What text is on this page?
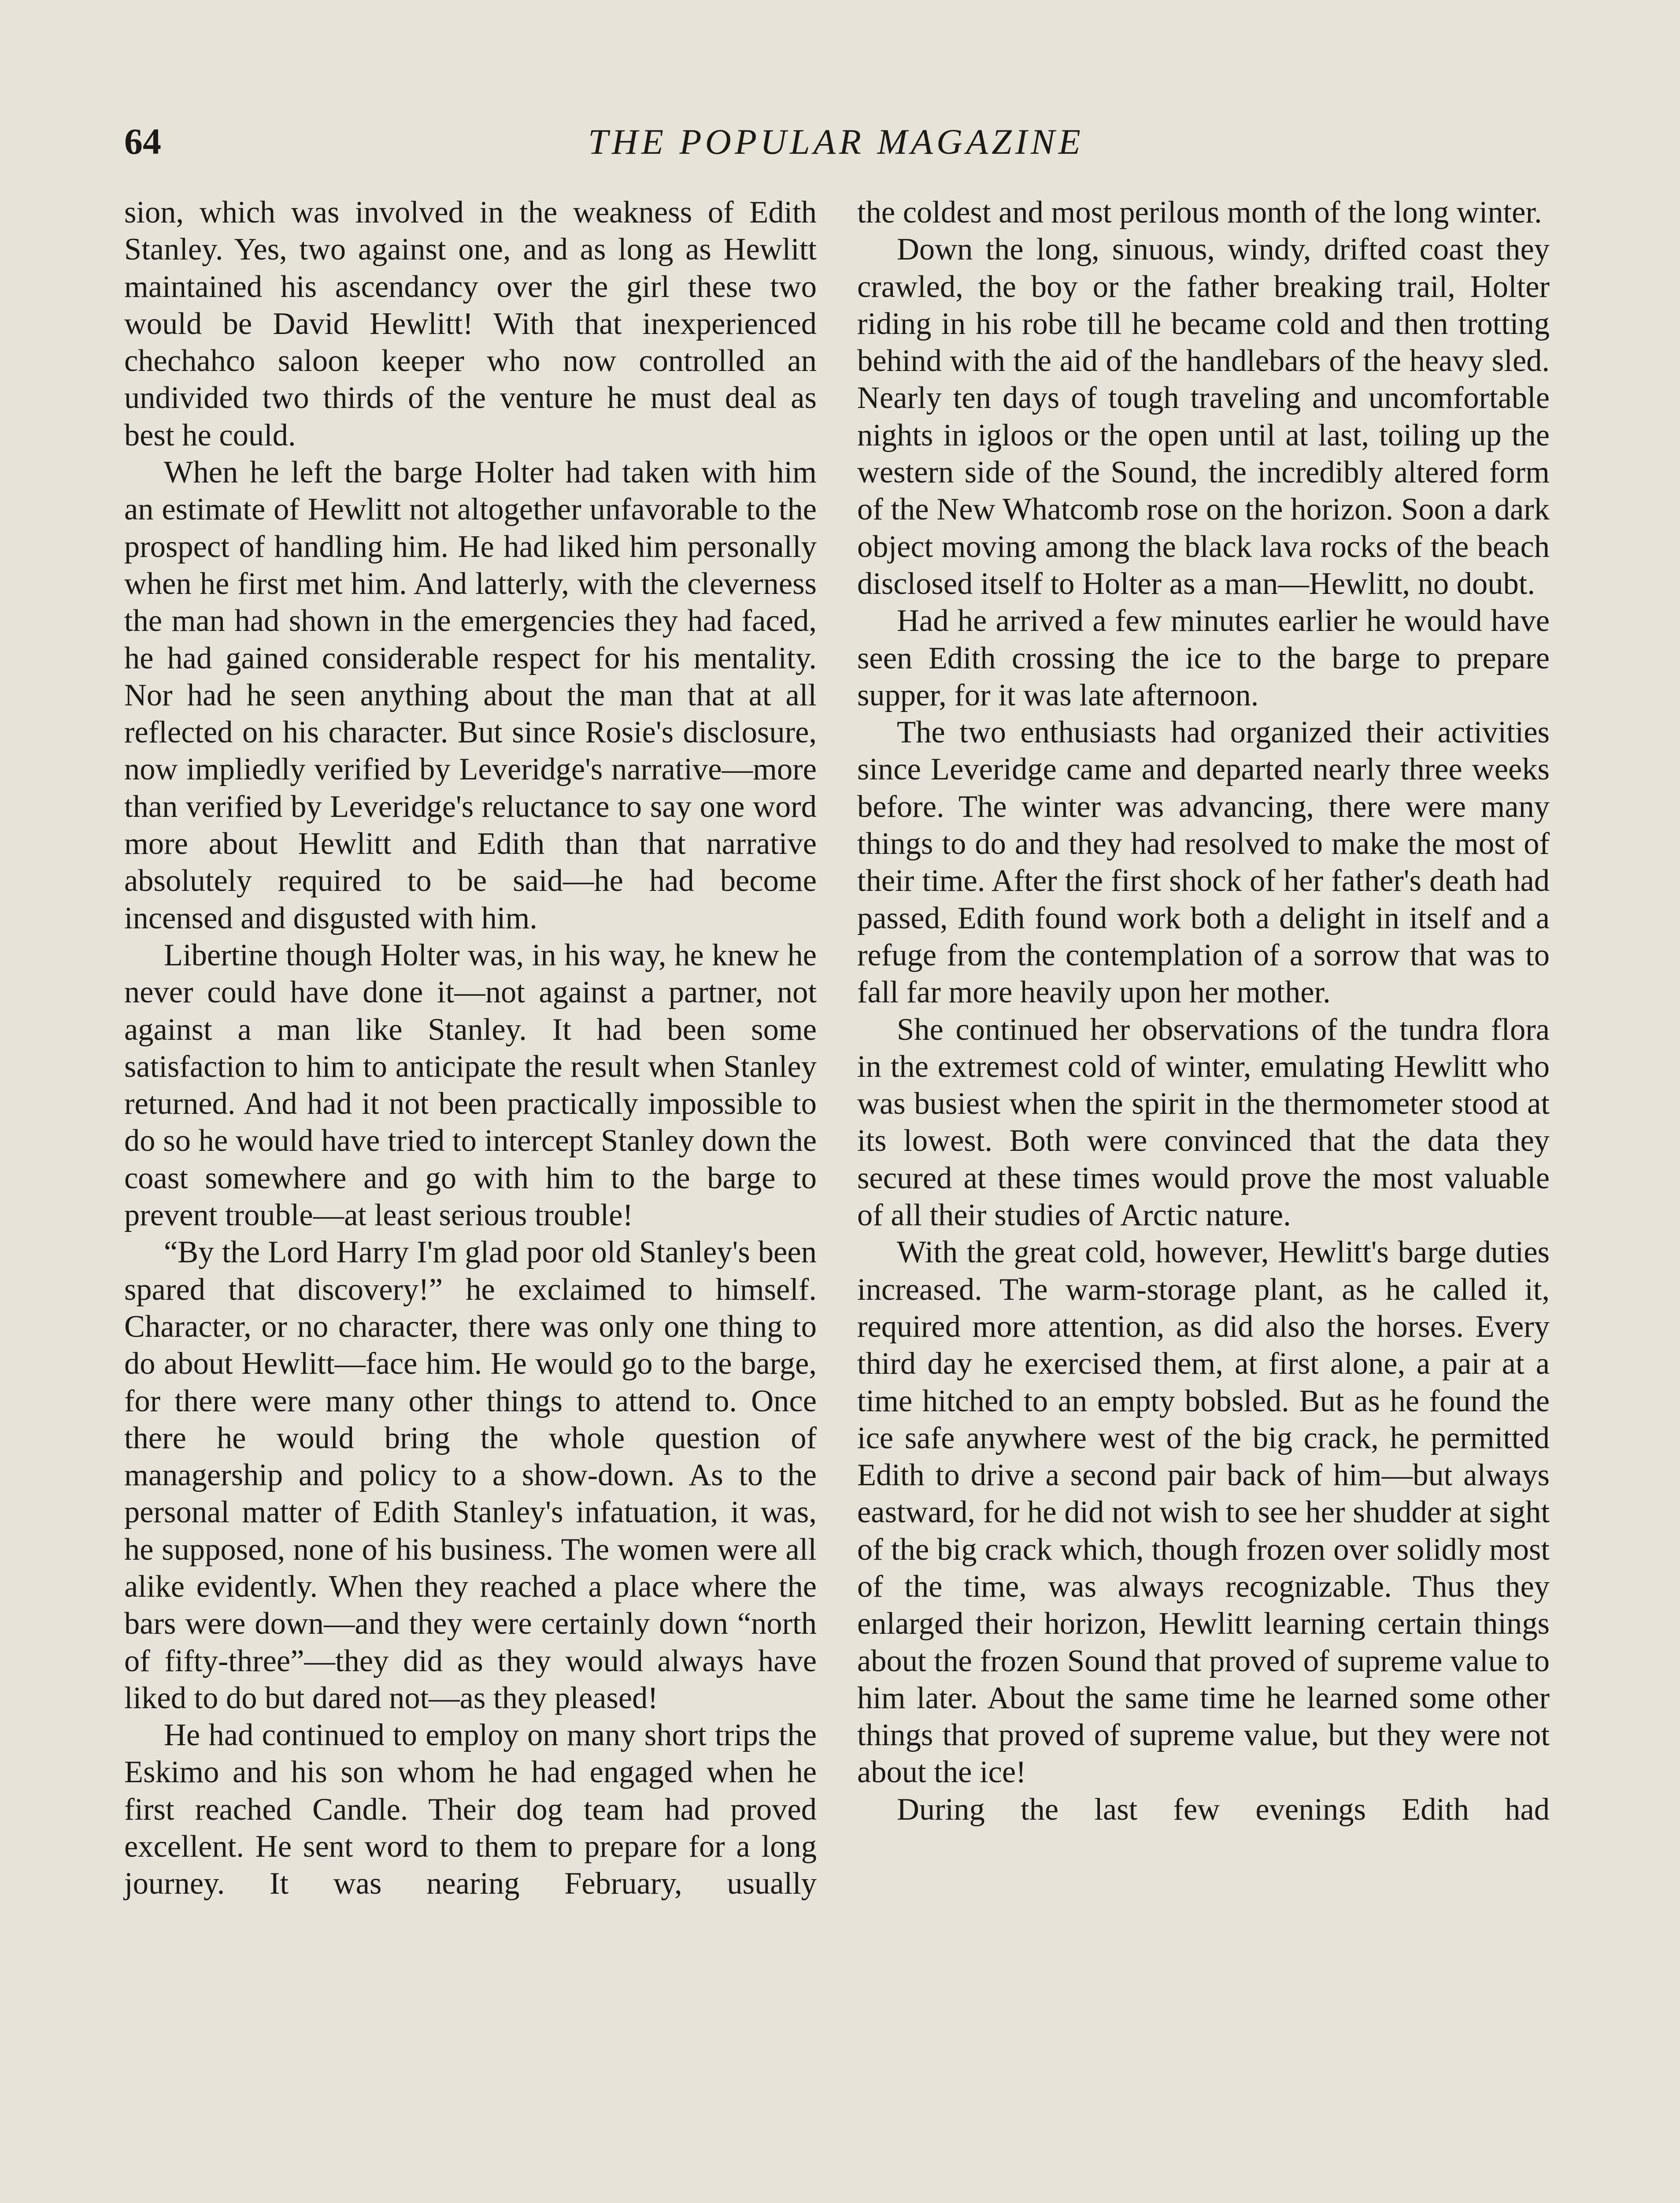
64	THE POPULAR MAGAZINE

sion, which was involved in the weakness of Edith Stanley. Yes, two against one, and as long as Hewlitt maintained his ascendancy over the girl these two would be David Hewlitt! With that inexperienced chechahco saloon keeper who now controlled an undivided two thirds of the venture he must deal as best he could.

When he left the barge Holter had taken with him an estimate of Hewlitt not altogether unfavorable to the prospect of handling him. He had liked him personally when he first met him. And latterly, with the cleverness the man had shown in the emergencies they had faced, he had gained considerable respect for his mentality. Nor had he seen anything about the man that at all reflected on his character. But since Rosie's disclosure, now impliedly verified by Leveridge's narrative—more than verified by Leveridge's reluctance to say one word more about Hewlitt and Edith than that narrative absolutely required to be said—he had become incensed and disgusted with him.

Libertine though Holter was, in his way, he knew he never could have done it—not against a partner, not against a man like Stanley. It had been some satisfaction to him to anticipate the result when Stanley returned. And had it not been practically impossible to do so he would have tried to intercept Stanley down the coast somewhere and go with him to the barge to prevent trouble—at least serious trouble!

“By the Lord Harry I'm glad poor old Stanley's been spared that discovery!” he exclaimed to himself. Character, or no character, there was only one thing to do about Hewlitt—face him. He would go to the barge, for there were many other things to attend to. Once there he would bring the whole question of managership and policy to a show-down. As to the personal matter of Edith Stanley's infatuation, it was, he supposed, none of his business. The women were all alike evidently. When they reached a place where the bars were down—and they were certainly down “north of fifty-three”—they did as they would always have liked to do but dared not—as they pleased!

He had continued to employ on many short trips the Eskimo and his son whom he had engaged when he first reached Candle. Their dog team had proved excellent. He sent word to them to prepare for a long journey. It was nearing February, usually

the coldest and most perilous month of the long winter.

Down the long, sinuous, windy, drifted coast they crawled, the boy or the father breaking trail, Holter riding in his robe till he became cold and then trotting behind with the aid of the handlebars of the heavy sled. Nearly ten days of tough traveling and uncomfortable nights in igloos or the open until at last, toiling up the western side of the Sound, the incredibly altered form of the New Whatcomb rose on the horizon. Soon a dark object moving among the black lava rocks of the beach disclosed itself to Holter as a man—Hewlitt, no doubt.

Had he arrived a few minutes earlier he would have seen Edith crossing the ice to the barge to prepare supper, for it was late afternoon.

The two enthusiasts had organized their activities since Leveridge came and departed nearly three weeks before. The winter was advancing, there were many things to do and they had resolved to make the most of their time. After the first shock of her father's death had passed, Edith found work both a delight in itself and a refuge from the contemplation of a sorrow that was to fall far more heavily upon her mother.

She continued her observations of the tundra flora in the extremest cold of winter, emulating Hewlitt who was busiest when the spirit in the thermometer stood at its lowest. Both were convinced that the data they secured at these times would prove the most valuable of all their studies of Arctic nature.

With the great cold, however, Hewlitt's barge duties increased. The warm-storage plant, as he called it, required more attention, as did also the horses. Every third day he exercised them, at first alone, a pair at a time hitched to an empty bobsled. But as he found the ice safe anywhere west of the big crack, he permitted Edith to drive a second pair back of him—but always eastward, for he did not wish to see her shudder at sight of the big crack which, though frozen over solidly most of the time, was always recognizable. Thus they enlarged their horizon, Hewlitt learning certain things about the frozen Sound that proved of supreme value to him later. About the same time he learned some other things that proved of supreme value, but they were not about the ice!

During the last few evenings Edith had
